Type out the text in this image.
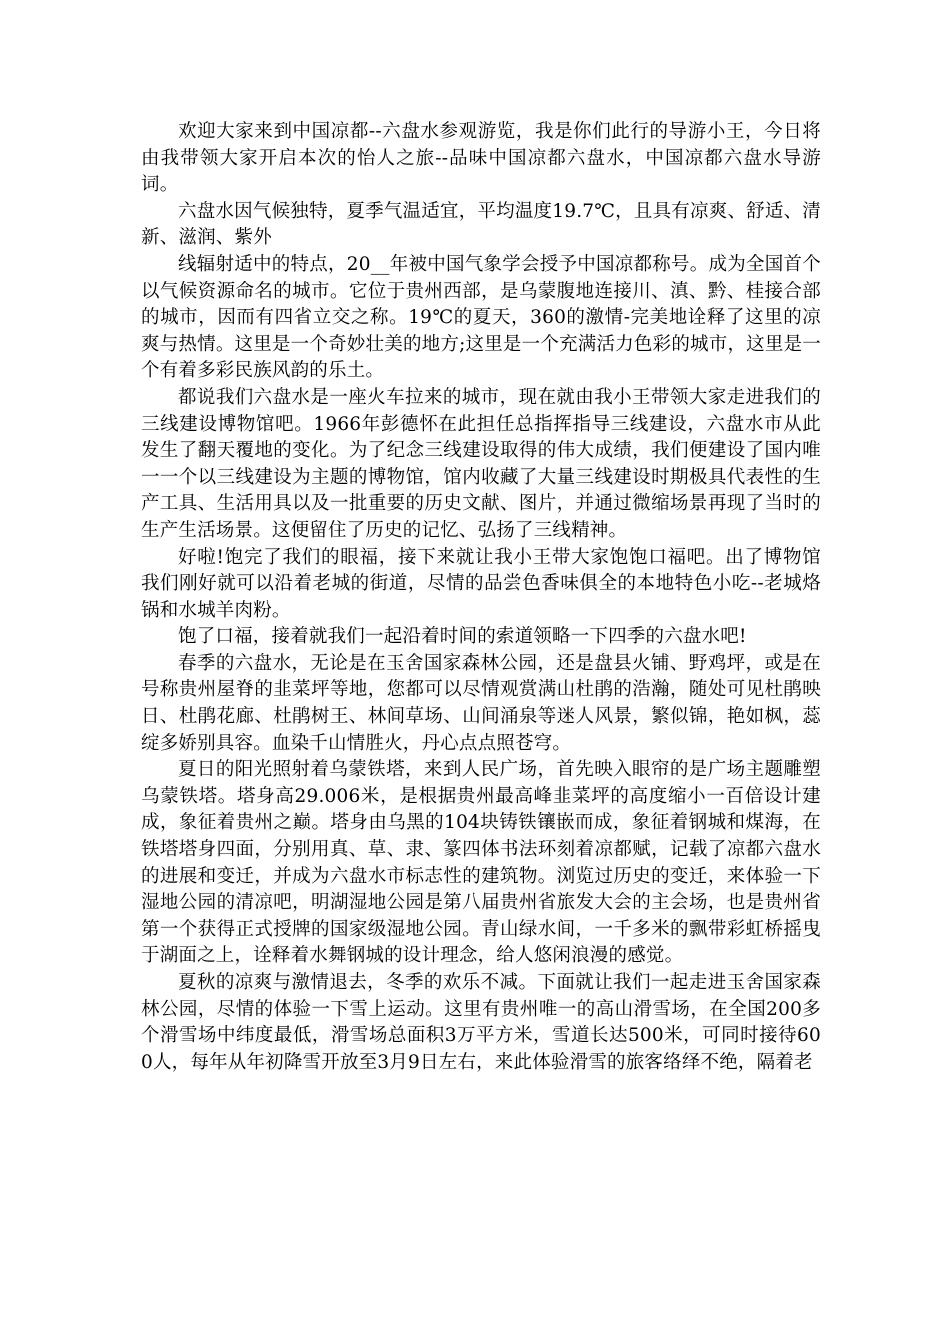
欢迎大家来到中国凉都--六盘水参观游览，我是你们此行的导游小王，今日将由我带领大家开启本次的怡人之旅--品味中国凉都六盘水，中国凉都六盘水导游词。

六盘水因气候独特，夏季气温适宜，平均温度19.7℃，且具有凉爽、舒适、清新、滋润、紫外

线辐射适中的特点，20__年被中国气象学会授予中国凉都称号。成为全国首个以气候资源命名的城市。它位于贵州西部，是乌蒙腹地连接川、滇、黔、桂接合部的城市，因而有四省立交之称。19℃的夏天，360的激情-完美地诠释了这里的凉爽与热情。这里是一个奇妙壮美的地方;这里是一个充满活力色彩的城市，这里是一个有着多彩民族风韵的乐土。

都说我们六盘水是一座火车拉来的城市，现在就由我小王带领大家走进我们的三线建设博物馆吧。1966年彭德怀在此担任总指挥指导三线建设，六盘水市从此发生了翻天覆地的变化。为了纪念三线建设取得的伟大成绩，我们便建设了国内唯一一个以三线建设为主题的博物馆，馆内收藏了大量三线建设时期极具代表性的生产工具、生活用具以及一批重要的历史文献、图片，并通过微缩场景再现了当时的生产生活场景。这便留住了历史的记忆、弘扬了三线精神。

好啦!饱完了我们的眼福，接下来就让我小王带大家饱饱口福吧。出了博物馆我们刚好就可以沿着老城的街道，尽情的品尝色香味俱全的本地特色小吃--老城烙锅和水城羊肉粉。

饱了口福，接着就我们一起沿着时间的索道领略一下四季的六盘水吧!

春季的六盘水，无论是在玉舍国家森林公园，还是盘县火铺、野鸡坪，或是在号称贵州屋脊的韭菜坪等地，您都可以尽情观赏满山杜鹃的浩瀚，随处可见杜鹃映日、杜鹃花廊、杜鹃树王、林间草场、山间涌泉等迷人风景，繁似锦，艳如枫，蕊绽多娇别具容。血染千山情胜火，丹心点点照苍穹。

夏日的阳光照射着乌蒙铁塔，来到人民广场，首先映入眼帘的是广场主题雕塑乌蒙铁塔。塔身高29.006米，是根据贵州最高峰韭菜坪的高度缩小一百倍设计建成，象征着贵州之巅。塔身由乌黑的104块铸铁镶嵌而成，象征着钢城和煤海，在铁塔塔身四面，分别用真、草、隶、篆四体书法环刻着凉都赋，记载了凉都六盘水的进展和变迁，并成为六盘水市标志性的建筑物。浏览过历史的变迁，来体验一下湿地公园的清凉吧，明湖湿地公园是第八届贵州省旅发大会的主会场，也是贵州省第一个获得正式授牌的国家级湿地公园。青山绿水间，一千多米的飘带彩虹桥摇曳于湖面之上，诠释着水舞钢城的设计理念，给人悠闲浪漫的感觉。

夏秋的凉爽与激情退去，冬季的欢乐不减。下面就让我们一起走进玉舍国家森林公园，尽情的体验一下雪上运动。这里有贵州唯一的高山滑雪场，在全国200多个滑雪场中纬度最低，滑雪场总面积3万平方米，雪道长达500米，可同时接待600人，每年从年初降雪开放至3月9日左右，来此体验滑雪的旅客络绎不绝，隔着老
